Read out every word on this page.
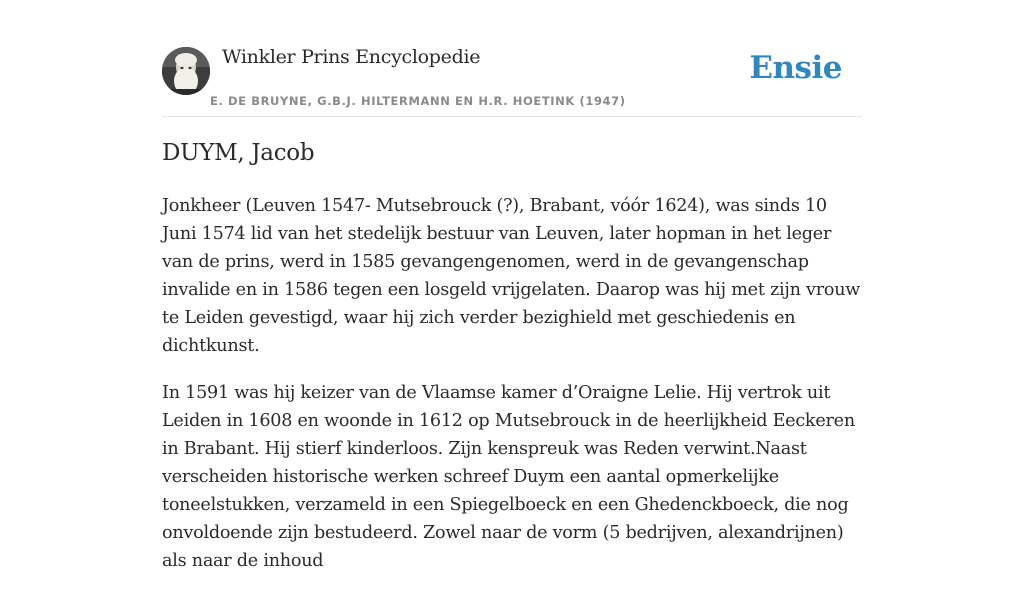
Winkler Prins Encyclopedie
E. DE BRUYNE, G.B.J. HILTERMANN EN H.R. HOETINK (1947)
Ensie
DUYM, Jacob

Jonkheer (Leuven 1547- Mutsebrouck (?), Brabant, vóór 1624), was sinds 10 Juni 1574 lid van het stedelijk bestuur van Leuven, later hopman in het leger van de prins, werd in 1585 gevangengenomen, werd in de gevangenschap invalide en in 1586 tegen een losgeld vrijgelaten. Daarop was hij met zijn vrouw te Leiden gevestigd, waar hij zich verder bezighield met geschiedenis en dichtkunst.

In 1591 was hij keizer van de Vlaamse kamer d’Oraigne Lelie. Hij vertrok uit Leiden in 1608 en woonde in 1612 op Mutsebrouck in de heerlijkheid Eeckeren in Brabant. Hij stierf kinderloos. Zijn kenspreuk was Reden verwint.Naast verscheiden historische werken schreef Duym een aantal opmerkelijke toneelstukken, verzameld in een Spiegelboeck en een Ghedenckboeck, die nog onvoldoende zijn bestudeerd. Zowel naar de vorm (5 bedrijven, alexandrijnen) als naar de inhoud
